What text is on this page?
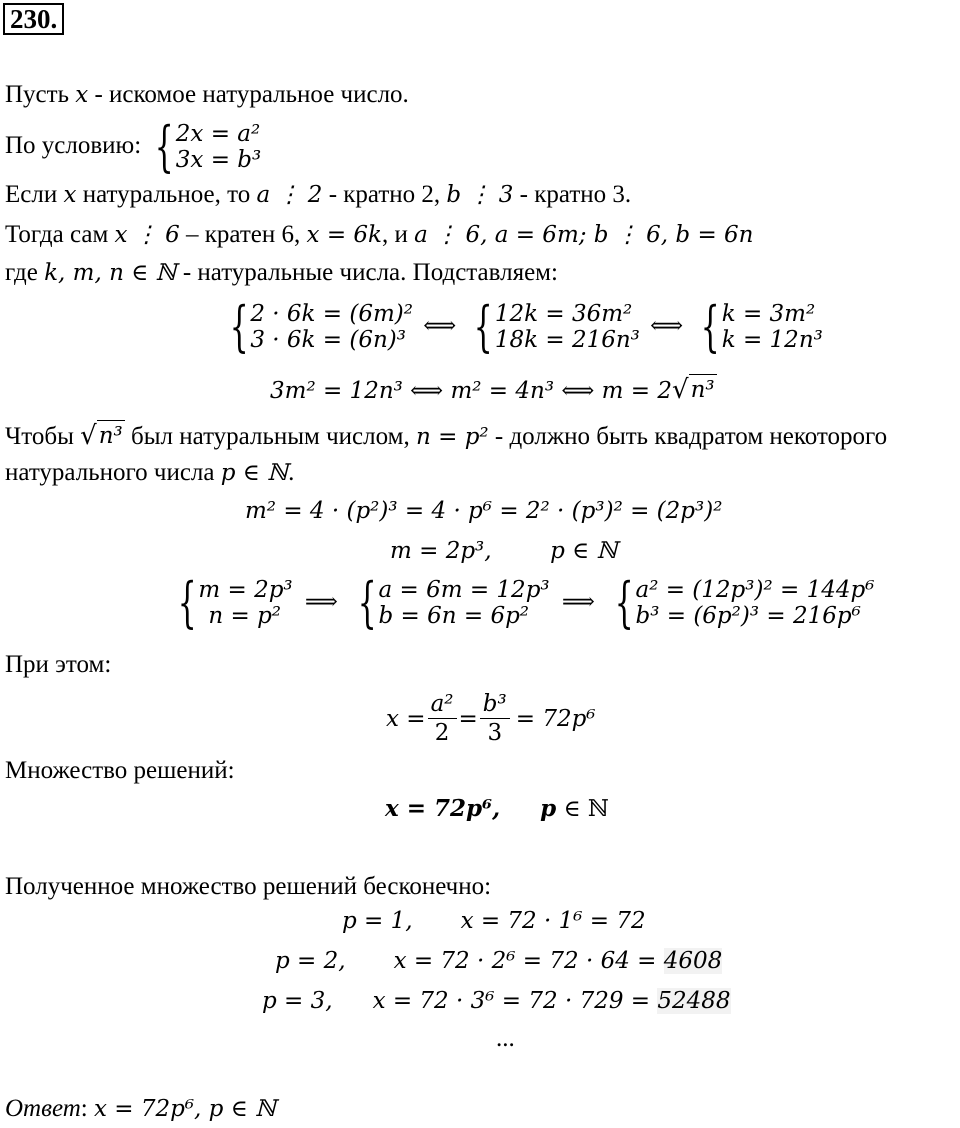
230.
Пусть x - искомое натуральное число.
По условию: { 2x = a²
3x = b³
Если x натуральное, то a ⋮ 2 - кратно 2, b ⋮ 3 - кратно 3.
Тогда сам x ⋮ 6 – кратен 6, x = 6k, и a ⋮ 6, a = 6m; b ⋮ 6, b = 6n
где k, m, n ∈ ℕ - натуральные числа. Подставляем:
{ 2 · 6k = (6m)²
3 · 6k = (6n)³
⟺ { 12k = 36m²
18k = 216n³
⟺ { k = 3m²
k = 12n³
3m² = 12n³ ⟺ m² = 4n³ ⟺ m = 2 √ n³
Чтобы √ n³ был натуральным числом, n = p² - должно быть квадратом некоторого
натурального числа p ∈ ℕ.
m² = 4 · (p²)³ = 4 · p⁶ = 2² · (p³)² = (2p³)²
m = 2p³,        p ∈ ℕ
{ m = 2p³
n = p²
⟹ { a = 6m = 12p³
b = 6n = 6p²
⟹ { a² = (12p³)² = 144p⁶
b³ = (6p²)³ = 216p⁶
При этом:
$x = \frac{\text{a²}}{2} = \frac{\text{b³}}{3} = 72p^6$
Множество решений:
x = 72p⁶, p ∈ ℕ
Полученное множество решений бесконечно:
p = 1, x = 72 · 1⁶ = 72
p = 2, x = 72 · 2⁶ = 72 · 64 = 4608
p = 3, x = 72 · 3⁶ = 72 · 729 = 52488
...
Ответ: x = 72p⁶, p ∈ ℕ
